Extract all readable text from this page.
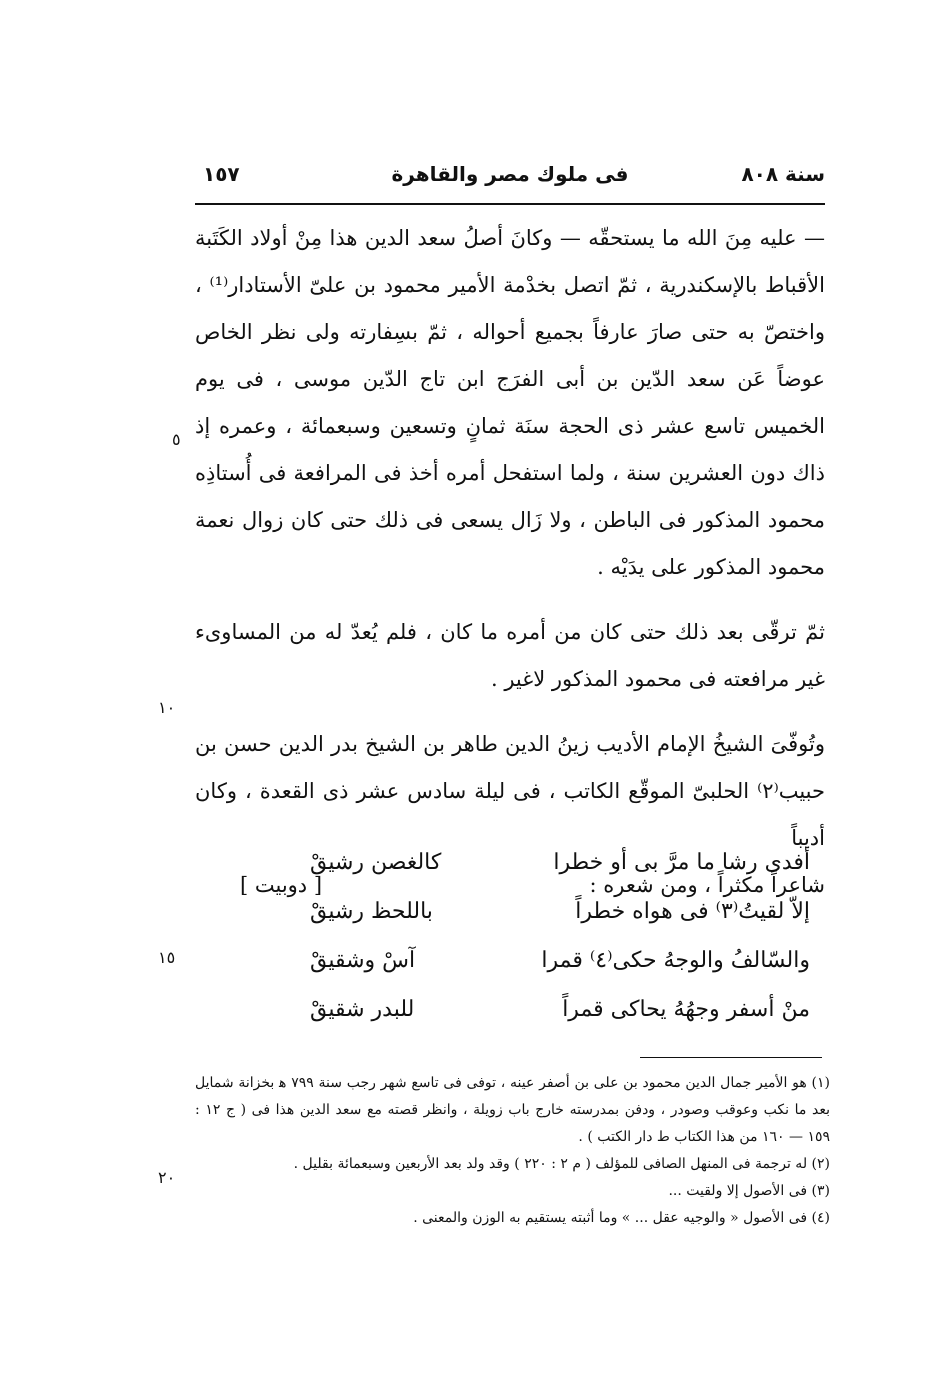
سنة ٨٠٨
فى ملوك مصر والقاهرة
١٥٧

— عليه مِنَ الله ما يستحقّه — وكانَ أصلُ سعد الدين هذا مِنْ أولاد الكَتَبة الأقباط بالإسكندرية ، ثمّ اتصل بخدْمة الأمير محمود بن علىّ الأستادار⁽¹⁾ ، واختصّ به حتى صارَ عارفاً بجميع أحواله ، ثمّ بسِفارته ولى نظر الخاص عوضاً عَن سعد الدّين بن أبى الفرَج ابن تاج الدّين موسى ، فى يوم الخميس تاسع عشر ذى الحجة سنَة ثمانٍ وتسعين وسبعمائة ، وعمره إذ ذاك دون العشرين سنة ، ولما استفحل أمره أخذ فى المرافعة فى أُستاذِه محمود المذكور فى الباطن ، ولا زَال يسعى فى ذلك حتى كان زوال نعمة محمود المذكور على يدَيْه .

ثمّ ترقّى بعد ذلك حتى كان من أمره ما كان ، فلم يُعدّ له من المساوىء غير مرافعته فى محمود المذكور لاغير .

وتُوفّىَ الشيخُ الإمام الأديب زينُ الدين طاهر بن الشيخ بدر الدين حسن بن حبيب⁽٢⁾ الحلبىّ الموقّع الكاتب ، فى ليلة سادس عشر ذى القعدة ، وكان أديباً

شاعراً مكثراً ، ومن شعره :
[ دوبيت ]
أفدى رشا ما مرَّ بى أو خطرا
كالغصن رشيقْ
إلاّ لقيتُ⁽٣⁾ فى هواه خطراً
باللحظ رشيقْ
والسّالفُ والوجهُ حكى⁽٤⁾ قمرا
آسْ وشقيقْ
منْ أسفر وجهُهُ يحاكى قمراً
للبدر شقيقْ

(١) هو الأمير جمال الدين محمود بن على بن أصفر عينه ، توفى فى تاسع شهر رجب سنة ٧٩٩ ﻫ بخزانة شمايل بعد ما نكب وعوقب وصودر ، ودفن بمدرسته خارج باب زويلة ، وانظر قصته مع سعد الدين هذا فى ( ج ١٢ : ١٥٩ — ١٦٠ من هذا الكتاب ط دار الكتب ) .

(٢) له ترجمة فى المنهل الصافى للمؤلف ( م ٢ : ٢٢٠ ) وقد ولد بعد الأربعين وسبعمائة بقليل .

(٣) فى الأصول إلا ولقيت ...

(٤) فى الأصول « والوجيه عقل ... » وما أثبته يستقيم به الوزن والمعنى .

٥
١٠
١٥
٢٠
